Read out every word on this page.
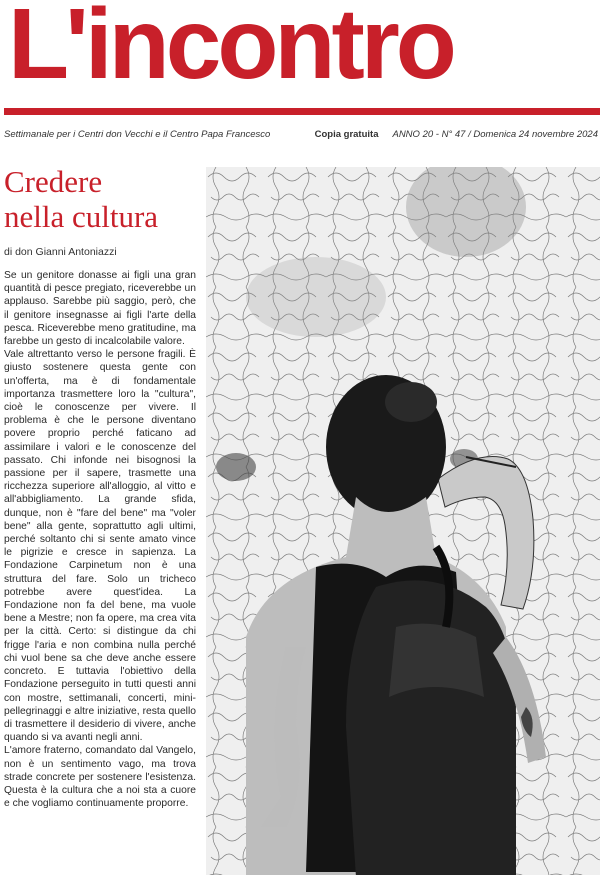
L'incontro
Settimanale per i Centri don Vecchi e il Centro Papa Francesco	Copia gratuita ANNO 20 - N° 47 / Domenica 24 novembre 2024
Credere
nella cultura
di don Gianni Antoniazzi

Se un genitore donasse ai figli una gran quantità di pesce pregiato, riceverebbe un applauso. Sarebbe più saggio, però, che il genitore insegnasse ai figli l'arte della pesca. Riceverebbe meno gratitudine, ma farebbe un gesto di incalcolabile valore.

Vale altrettanto verso le persone fragili. È giusto sostenere questa gente con un'offerta, ma è di fondamentale importanza trasmettere loro la "cultura", cioè le conoscenze per vivere. Il problema è che le persone diventano povere proprio perché faticano ad assimilare i valori e le conoscenze del passato. Chi infonde nei bisognosi la passione per il sapere, trasmette una ricchezza superiore all'alloggio, al vitto e all'abbigliamento. La grande sfida, dunque, non è "fare del bene" ma "voler bene" alla gente, soprattutto agli ultimi, perché soltanto chi si sente amato vince le pigrizie e cresce in sapienza. La Fondazione Carpinetum non è una struttura del fare. Solo un tricheco potrebbe avere quest'idea. La Fondazione non fa del bene, ma vuole bene a Mestre; non fa opere, ma crea vita per la città. Certo: si distingue da chi frigge l'aria e non combina nulla perché chi vuol bene sa che deve anche essere concreto. E tuttavia l'obiettivo della Fondazione perseguito in tutti questi anni con mostre, settimanali, concerti, mini-pellegrinaggi e altre iniziative, resta quello di trasmettere il desiderio di vivere, anche quando si va avanti negli anni.

L'amore fraterno, comandato dal Vangelo, non è un sentimento vago, ma trova strade concrete per sostenere l'esistenza. Questa è la cultura che a noi sta a cuore e che vogliamo continuamente proporre.
